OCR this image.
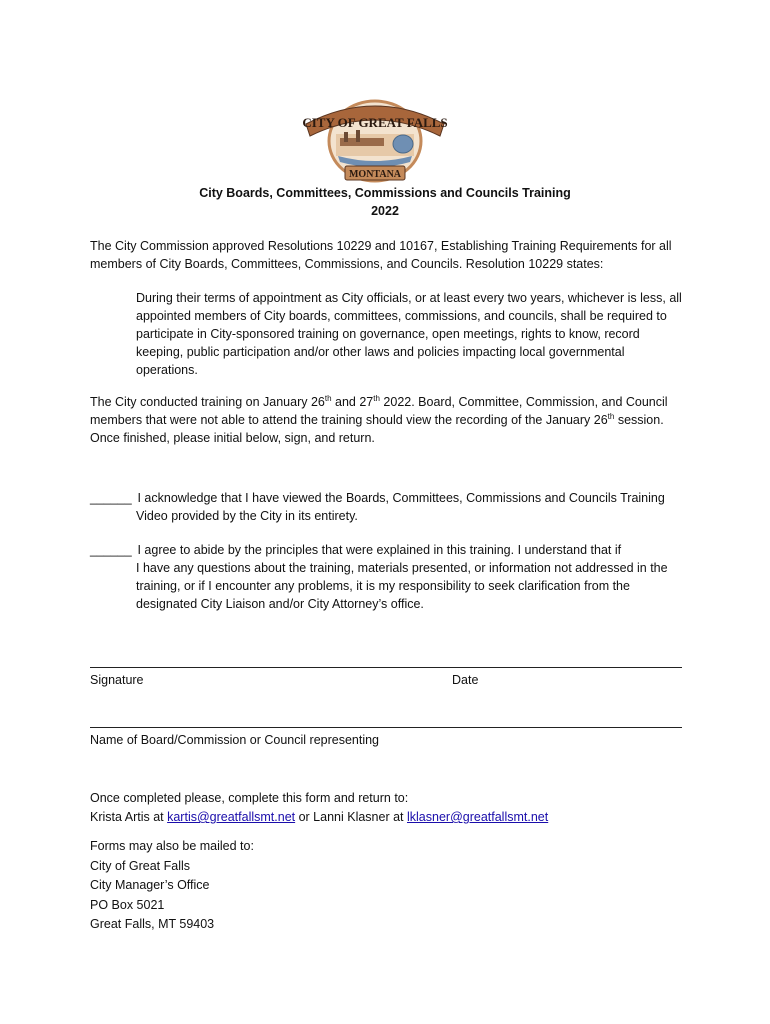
CITY OF GREAT FALLS
MONTANA
City Boards, Committees, Commissions and Councils Training
2022
The City Commission approved Resolutions 10229 and 10167, Establishing Training Requirements for all members of City Boards, Committees, Commissions, and Councils. Resolution 10229 states:
During their terms of appointment as City officials, or at least every two years, whichever is less, all appointed members of City boards, committees, commissions, and councils, shall be required to participate in City-sponsored training on governance, open meetings, rights to know, record keeping, public participation and/or other laws and policies impacting local governmental operations.
The City conducted training on January 26th and 27th 2022. Board, Committee, Commission, and Council members that were not able to attend the training should view the recording of the January 26th session. Once finished, please initial below, sign, and return.
______ I acknowledge that I have viewed the Boards, Committees, Commissions and Councils Training
Video provided by the City in its entirety.
______ I agree to abide by the principles that were explained in this training. I understand that if
I have any questions about the training, materials presented, or information not addressed in the training, or if I encounter any problems, it is my responsibility to seek clarification from the designated City Liaison and/or City Attorney’s office.
Signature	Date
Name of Board/Commission or Council representing
Once completed please, complete this form and return to:
Krista Artis at kartis@greatfallsmt.net or Lanni Klasner at lklasner@greatfallsmt.net
Forms may also be mailed to:
City of Great Falls
City Manager’s Office
PO Box 5021
Great Falls, MT 59403
